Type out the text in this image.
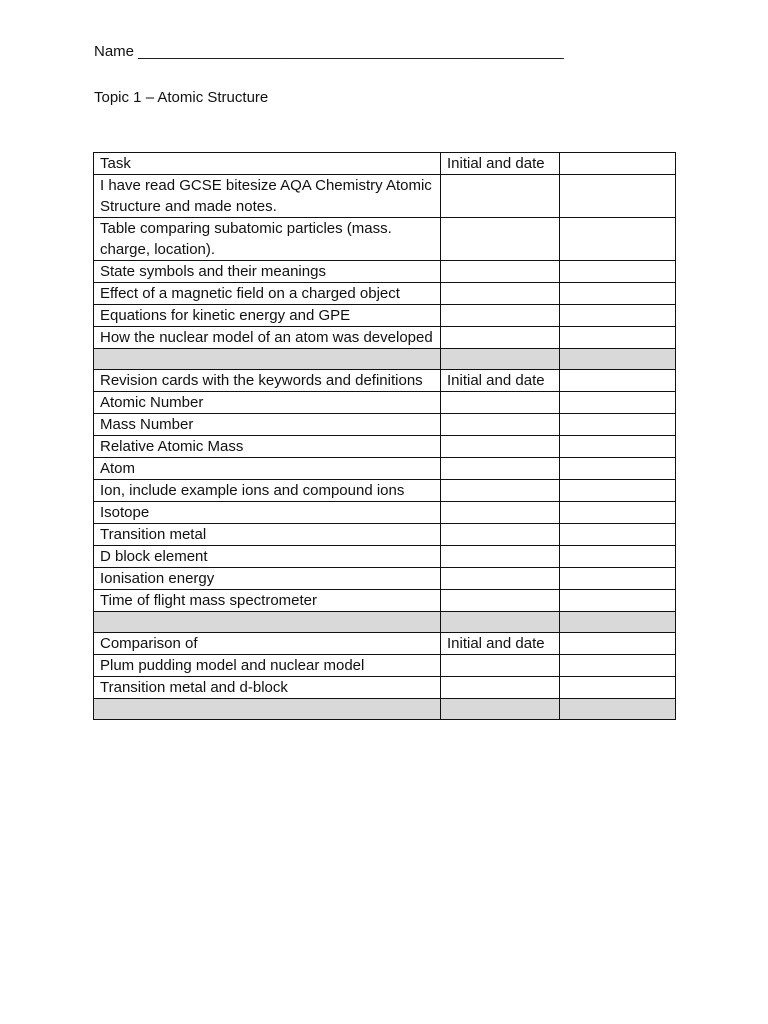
Name ___________________________________________________
Topic 1 – Atomic Structure
Task	Initial and date	
I have read GCSE bitesize AQA Chemistry Atomic Structure and made notes.		
Table comparing subatomic particles (mass. charge, location).		
State symbols and their meanings		
Effect of a magnetic field on a charged object		
Equations for kinetic energy and GPE		
How the nuclear model of an atom was developed		

Revision cards with the keywords and definitions	Initial and date	
Atomic Number		
Mass Number		
Relative Atomic Mass		
Atom		
Ion, include example ions and compound ions		
Isotope		
Transition metal		
D block element		
Ionisation energy		
Time of flight mass spectrometer		

Comparison of	Initial and date	
Plum pudding model and nuclear model		
Transition metal and d-block		
